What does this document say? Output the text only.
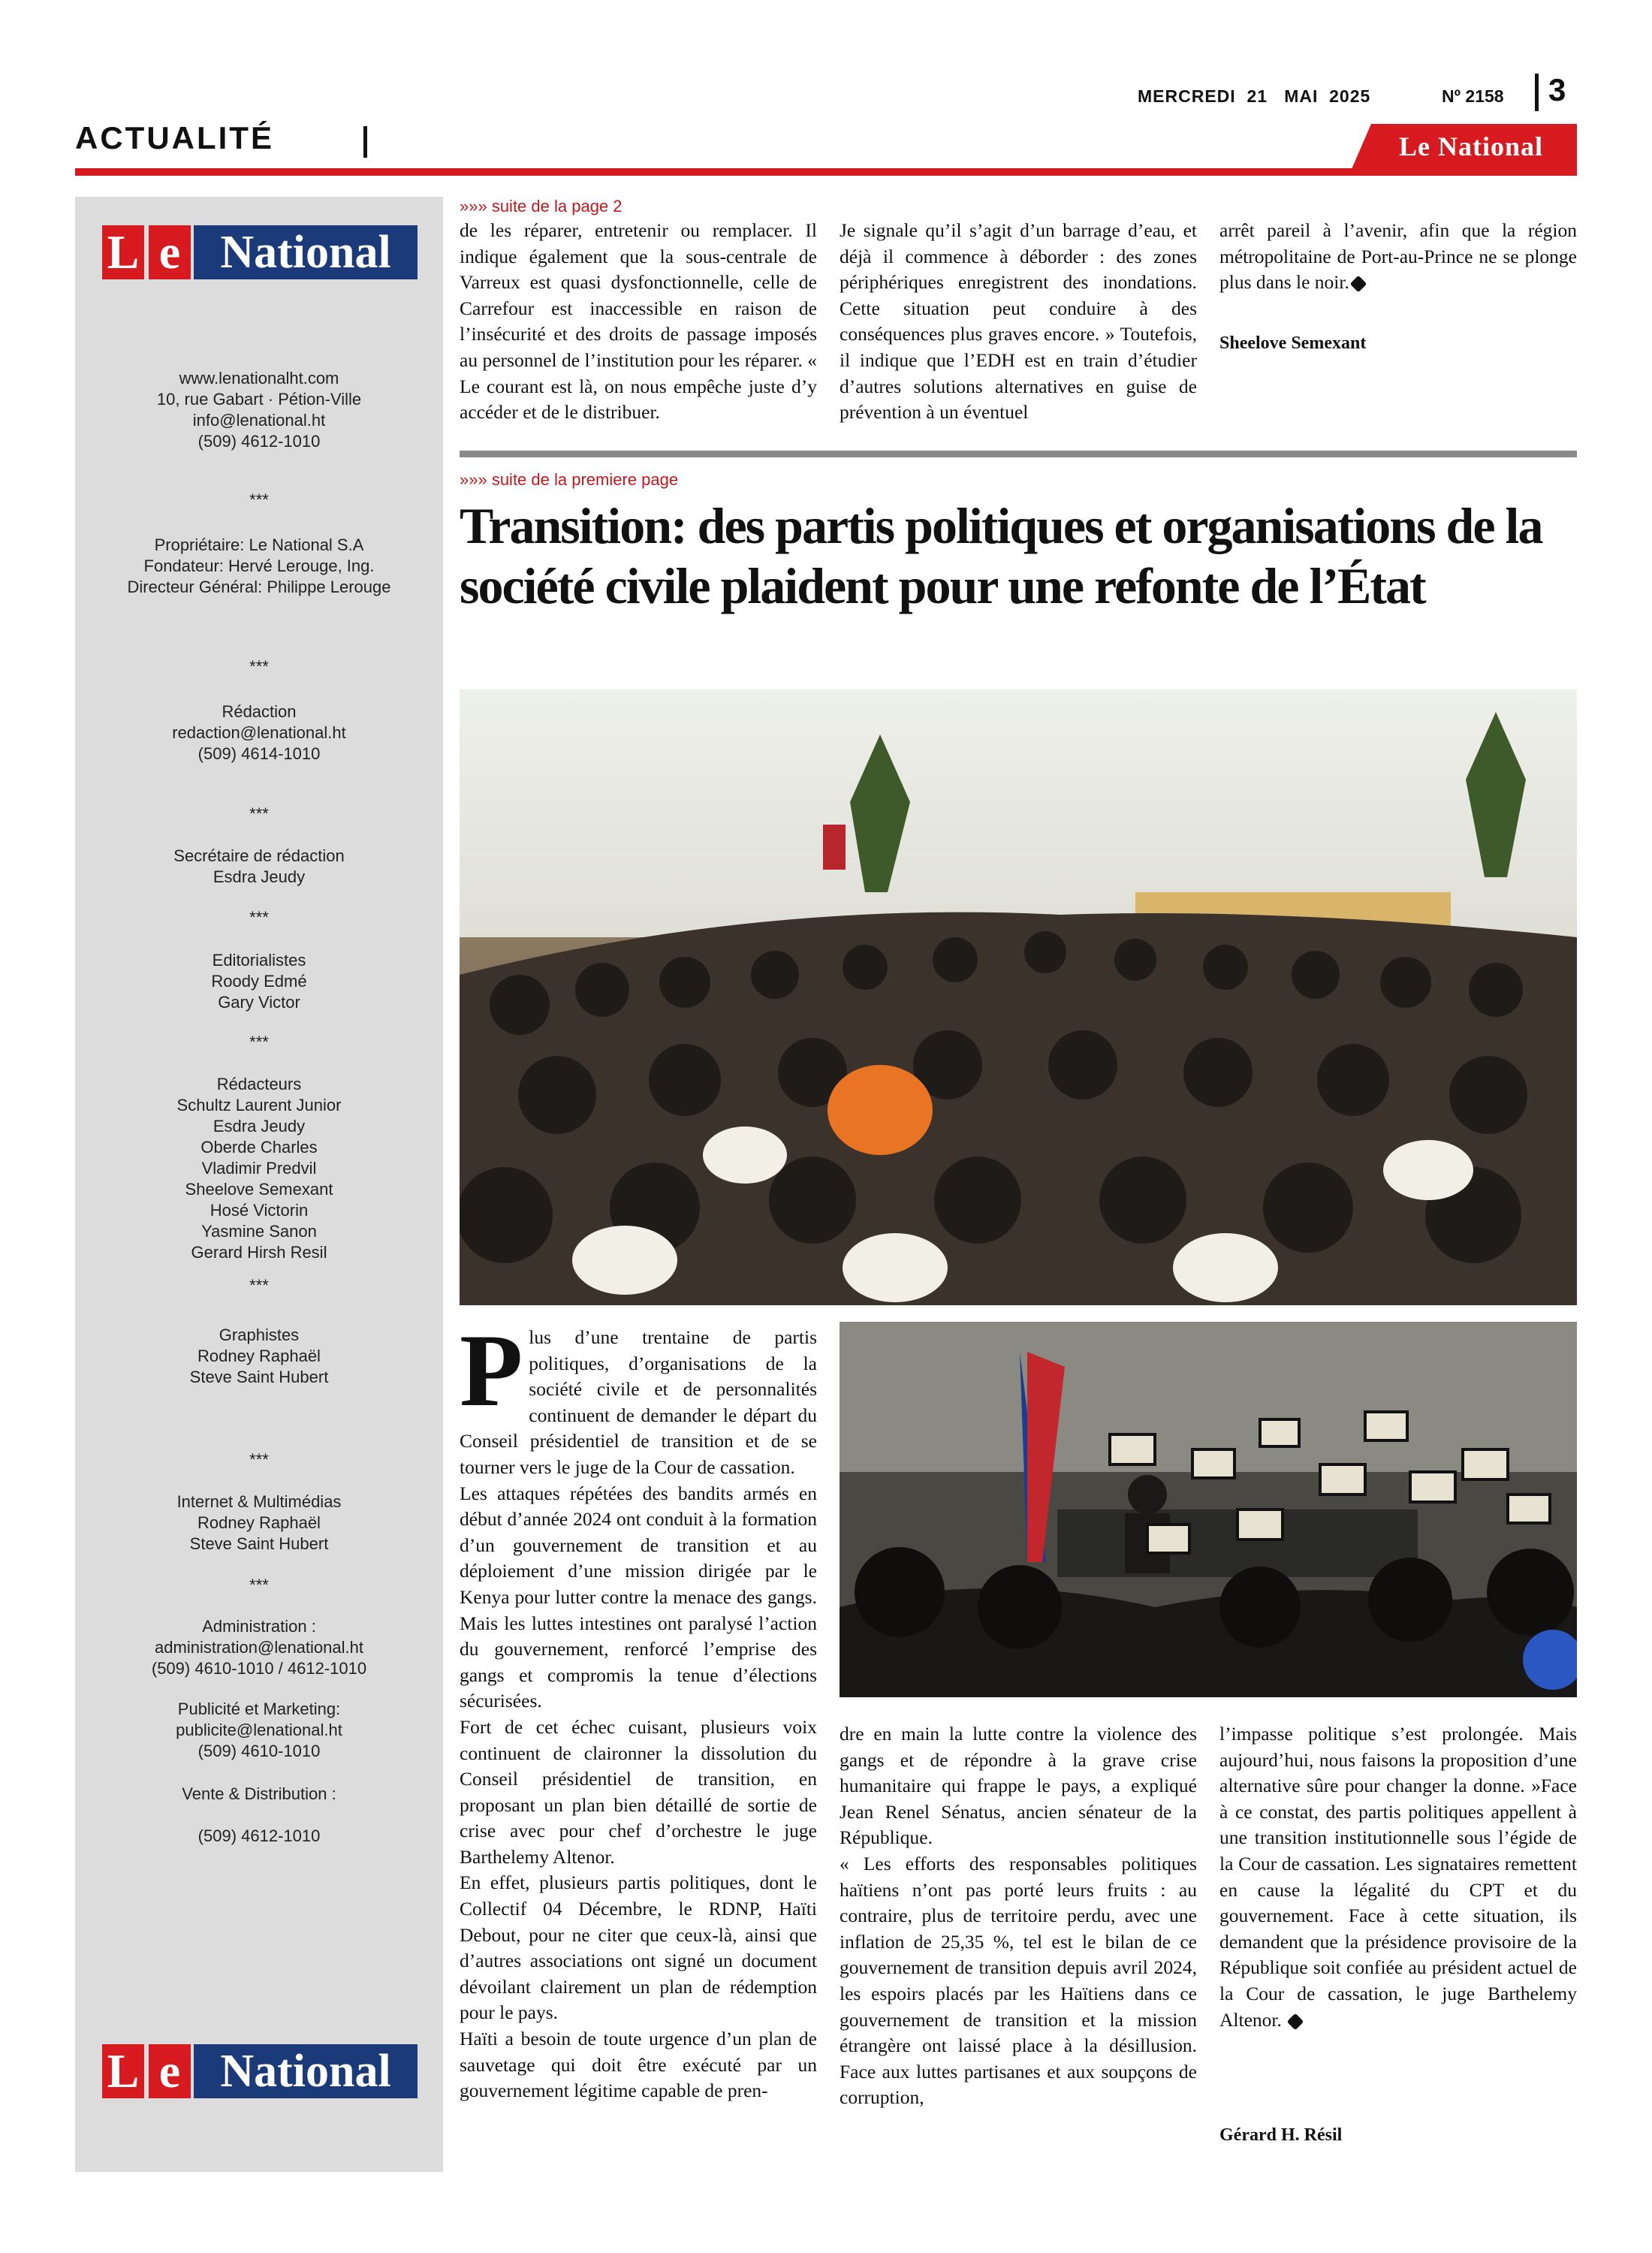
ACTUALITÉ
MERCREDI  21   MAI  2025	Nº 2158 3
Le National
L e National
www.lenationalht.com
10, rue Gabart · Pétion-Ville
info@lenational.ht
(509) 4612-1010
***
Propriétaire: Le National S.A
Fondateur: Hervé Lerouge, Ing.
Directeur Général: Philippe Lerouge
***
Rédaction
redaction@lenational.ht
(509) 4614-1010
***
Secrétaire de rédaction
Esdra Jeudy
***
Editorialistes
Roody Edmé
Gary Victor
***
Rédacteurs
Schultz Laurent Junior
Esdra Jeudy
Oberde Charles
Vladimir Predvil
Sheelove Semexant
Hosé Victorin
Yasmine Sanon
Gerard Hirsh Resil
***
Graphistes
Rodney Raphaël
Steve Saint Hubert
***
Internet & Multimédias
Rodney Raphaël
Steve Saint Hubert
***
Administration :
administration@lenational.ht
(509) 4610-1010 / 4612-1010
Publicité et Marketing:
publicite@lenational.ht
(509) 4610-1010
Vente & Distribution :
(509) 4612-1010
L e National
»»» suite de la page 2
de les réparer, entretenir ou remplacer. Il indique également que la sous-centrale de Varreux est quasi dysfonctionnelle, celle de Carrefour est inaccessible en raison de l’insécurité et des droits de passage imposés au personnel de l’institution pour les réparer. « Le courant est là, on nous empêche juste d’y accéder et de le distribuer.
Je signale qu’il s’agit d’un barrage d’eau, et déjà il commence à déborder : des zones périphériques enregistrent des inondations. Cette situation peut conduire à des conséquences plus graves encore. » Toutefois, il indique que l’EDH est en train d’étudier d’autres solutions alternatives en guise de prévention à un éventuel
arrêt pareil à l’avenir, afin que la région métropolitaine de Port-au-Prince ne se plonge plus dans le noir.
Sheelove Semexant
»»» suite de la premiere page
Transition: des partis politiques et organisations de la société civile plaident pour une refonte de l’État

Plus d’une trentaine de partis politiques, d’organisations de la société civile et de personnalités continuent de demander le départ du Conseil présidentiel de transition et de se tourner vers le juge de la Cour de cassation.

Les attaques répétées des bandits armés en début d’année 2024 ont conduit à la formation d’un gouvernement de transition et au déploiement d’une mission dirigée par le Kenya pour lutter contre la menace des gangs. Mais les luttes intestines ont paralysé l’action du gouvernement, renforcé l’emprise des gangs et compromis la tenue d’élections sécurisées.

Fort de cet échec cuisant, plusieurs voix continuent de claironner la dissolution du Conseil présidentiel de transition, en proposant un plan bien détaillé de sortie de crise avec pour chef d’orchestre le juge Barthelemy Altenor.

En effet, plusieurs partis politiques, dont le Collectif 04 Décembre, le RDNP, Haïti Debout, pour ne citer que ceux-là, ainsi que d’autres associations ont signé un document dévoilant clairement un plan de rédemption pour le pays.

Haïti a besoin de toute urgence d’un plan de sauvetage qui doit être exécuté par un gouvernement légitime capable de pren-

dre en main la lutte contre la violence des gangs et de répondre à la grave crise humanitaire qui frappe le pays, a expliqué Jean Renel Sénatus, ancien sénateur de la République.

« Les efforts des responsables politiques haïtiens n’ont pas porté leurs fruits : au contraire, plus de territoire perdu, avec une inflation de 25,35 %, tel est le bilan de ce gouvernement de transition depuis avril 2024, les espoirs placés par les Haïtiens dans ce gouvernement de transition et la mission étrangère ont laissé place à la désillusion. Face aux luttes partisanes et aux soupçons de corruption,

l’impasse politique s’est prolongée. Mais aujourd’hui, nous faisons la proposition d’une alternative sûre pour changer la donne. »Face à ce constat, des partis politiques appellent à une transition institutionnelle sous l’égide de la Cour de cassation. Les signataires remettent en cause la légalité du CPT et du gouvernement. Face à cette situation, ils demandent que la présidence provisoire de la République soit confiée au président actuel de la Cour de cassation, le juge Barthelemy Altenor.

Gérard H. Résil
